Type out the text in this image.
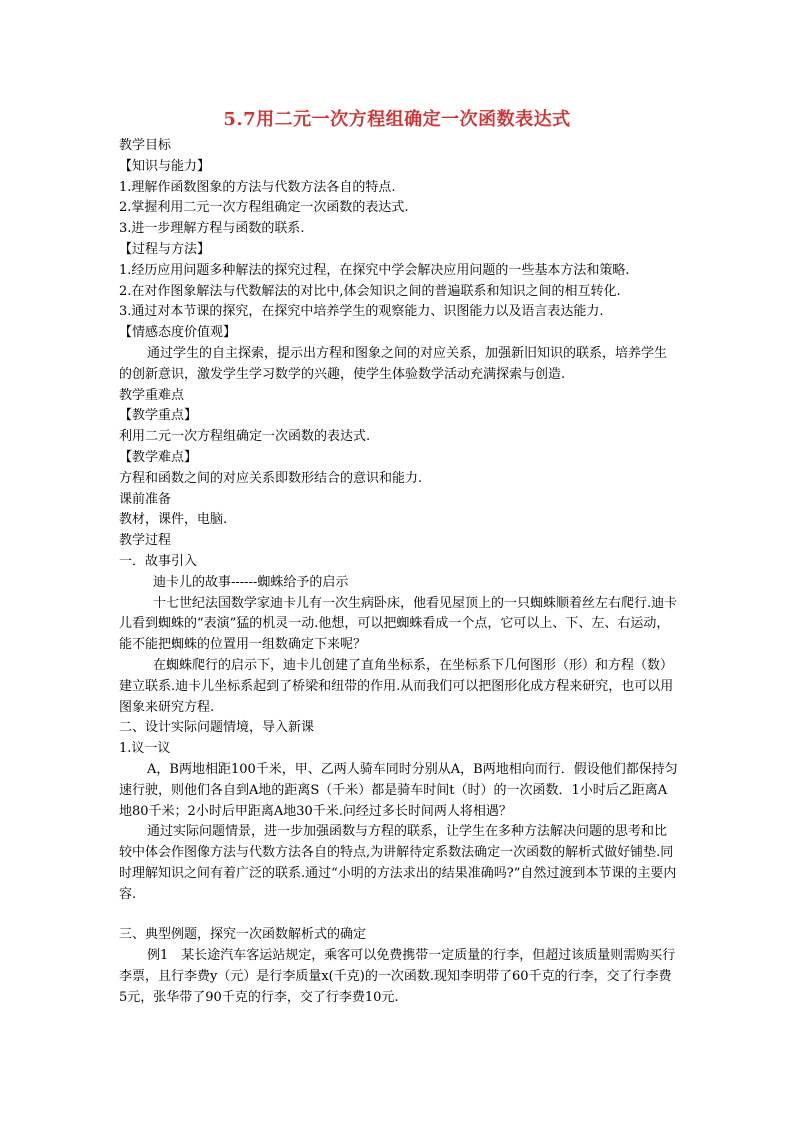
5.7用二元一次方程组确定一次函数表达式

教学目标

【知识与能力】

1.理解作函数图象的方法与代数方法各自的特点.

2.掌握利用二元一次方程组确定一次函数的表达式.

3.进一步理解方程与函数的联系.

【过程与方法】

1.经历应用问题多种解法的探究过程，在探究中学会解决应用问题的一些基本方法和策略.

2.在对作图象解法与代数解法的对比中,体会知识之间的普遍联系和知识之间的相互转化.

3.通过对本节课的探究，在探究中培养学生的观察能力、识图能力以及语言表达能力.

【情感态度价值观】

通过学生的自主探索，提示出方程和图象之间的对应关系，加强新旧知识的联系，培养学生的创新意识，激发学生学习数学的兴趣，使学生体验数学活动充满探索与创造.

教学重难点

【教学重点】

利用二元一次方程组确定一次函数的表达式.

【教学难点】

方程和函数之间的对应关系即数形结合的意识和能力.

课前准备

教材，课件，电脑.

教学过程

一．故事引入

迪卡儿的故事------蜘蛛给予的启示

十七世纪法国数学家迪卡儿有一次生病卧床，他看见屋顶上的一只蜘蛛顺着丝左右爬行.迪卡儿看到蜘蛛的“表演”猛的机灵一动.他想，可以把蜘蛛看成一个点，它可以上、下、左、右运动，能不能把蜘蛛的位置用一组数确定下来呢？

在蜘蛛爬行的启示下，迪卡儿创建了直角坐标系，在坐标系下几何图形（形）和方程（数）建立联系.迪卡儿坐标系起到了桥梁和纽带的作用.从而我们可以把图形化成方程来研究，也可以用图象来研究方程.

二、设计实际问题情境，导入新课

1.议一议

A，B两地相距100千米，甲、乙两人骑车同时分别从A，B两地相向而行．假设他们都保持匀速行驶，则他们各自到A地的距离S（千米）都是骑车时间t（时）的一次函数．1小时后乙距离A地80千米；2小时后甲距离A地30千米.问经过多长时间两人将相遇？

通过实际问题情景，进一步加强函数与方程的联系，让学生在多种方法解决问题的思考和比较中体会作图像方法与代数方法各自的特点,为讲解待定系数法确定一次函数的解析式做好铺垫.同时理解知识之间有着广泛的联系.通过“小明的方法求出的结果准确吗?”自然过渡到本节课的主要内容.

三、典型例题，探究一次函数解析式的确定

例1　某长途汽车客运站规定，乘客可以免费携带一定质量的行李，但超过该质量则需购买行李票，且行李费y（元）是行李质量x(千克)的一次函数.现知李明带了60千克的行李，交了行李费5元，张华带了90千克的行李，交了行李费10元.
